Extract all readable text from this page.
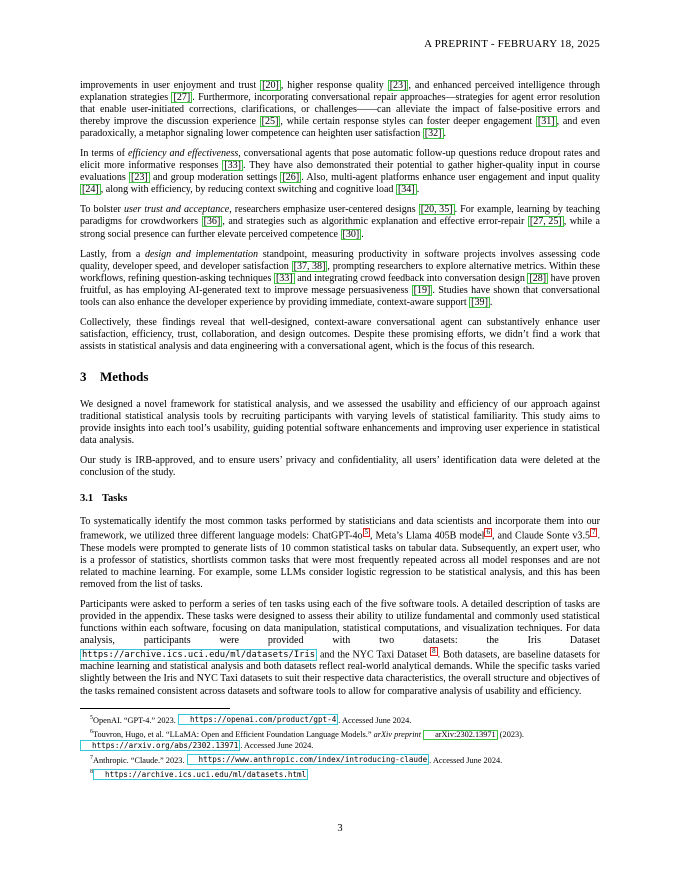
A PREPRINT - FEBRUARY 18, 2025

improvements in user enjoyment and trust [20] , higher response quality [23] , and enhanced perceived intelligence through explanation strategies [27] . Furthermore, incorporating conversational repair approaches—strategies for agent error resolution that enable user-initiated corrections, clarifications, or challenges——can alleviate the impact of false-positive errors and thereby improve the discussion experience [25] , while certain response styles can foster deeper engagement [31] , and even paradoxically, a metaphor signaling lower competence can heighten user satisfaction [32] .

In terms of efficiency and effectiveness, conversational agents that pose automatic follow-up questions reduce dropout rates and elicit more informative responses [33] . They have also demonstrated their potential to gather higher-quality input in course evaluations [23] and group moderation settings [26] . Also, multi-agent platforms enhance user engagement and input quality [24] , along with efficiency, by reducing context switching and cognitive load [34] .

To bolster user trust and acceptance, researchers emphasize user-centered designs [20, 35] . For example, learning by teaching paradigms for crowdworkers [36] , and strategies such as algorithmic explanation and effective error-repair [27, 25] , while a strong social presence can further elevate perceived competence [30] .

Lastly, from a design and implementation standpoint, measuring productivity in software projects involves assessing code quality, developer speed, and developer satisfaction [37, 38] , prompting researchers to explore alternative metrics. Within these workflows, refining question-asking techniques [33] and integrating crowd feedback into conversation design [28] have proven fruitful, as has employing AI-generated text to improve message persuasiveness [19] . Studies have shown that conversational tools can also enhance the developer experience by providing immediate, context-aware support [39] .

Collectively, these findings reveal that well-designed, context-aware conversational agent can substantively enhance user satisfaction, efficiency, trust, collaboration, and design outcomes. Despite these promising efforts, we didn’t find a work that assists in statistical analysis and data engineering with a conversational agent, which is the focus of this research.

3 Methods

We designed a novel framework for statistical analysis, and we assessed the usability and efficiency of our approach against traditional statistical analysis tools by recruiting participants with varying levels of statistical familiarity. This study aims to provide insights into each tool’s usability, guiding potential software enhancements and improving user experience in statistical data analysis.

Our study is IRB-approved, and to ensure users’ privacy and confidentiality, all users’ identification data were deleted at the conclusion of the study.

3.1 Tasks

To systematically identify the most common tasks performed by statisticians and data scientists and incorporate them into our framework, we utilized three different language models: ChatGPT-4o 5 , Meta’s Llama 405B model 6 , and Claude Sonte v3.5 7 . These models were prompted to generate lists of 10 common statistical tasks on tabular data. Subsequently, an expert user, who is a professor of statistics, shortlists common tasks that were most frequently repeated across all model responses and are not related to machine learning. For example, some LLMs consider logistic regression to be statistical analysis, and this has been removed from the list of tasks.

Participants were asked to perform a series of ten tasks using each of the five software tools. A detailed description of tasks are provided in the appendix. These tasks were designed to assess their ability to utilize fundamental and commonly used statistical functions within each software, focusing on data manipulation, statistical computations, and visualization techniques. For data analysis, participants were provided with two datasets: the Iris Dataset https://archive.ics.uci.edu/ml/datasets/Iris and the NYC Taxi Dataset 8 . Both datasets, are baseline datasets for machine learning and statistical analysis and both datasets reflect real-world analytical demands. While the specific tasks varied slightly between the Iris and NYC Taxi datasets to suit their respective data characteristics, the overall structure and objectives of the tasks remained consistent across datasets and software tools to allow for comparative analysis of usability and efficiency.

$^5$OpenAI. “GPT-4.” 2023. https://openai.com/product/gpt-4 . Accessed June 2024.

$^6$Touvron, Hugo, et al. “LLaMA: Open and Efficient Foundation Language Models.” arXiv preprint arXiv:2302.13971 (2023). https://arxiv.org/abs/2302.13971 . Accessed June 2024.

$^7$Anthropic. “Claude.” 2023. https://www.anthropic.com/index/introducing-claude . Accessed June 2024.

$^8$ https://archive.ics.uci.edu/ml/datasets.html

3
